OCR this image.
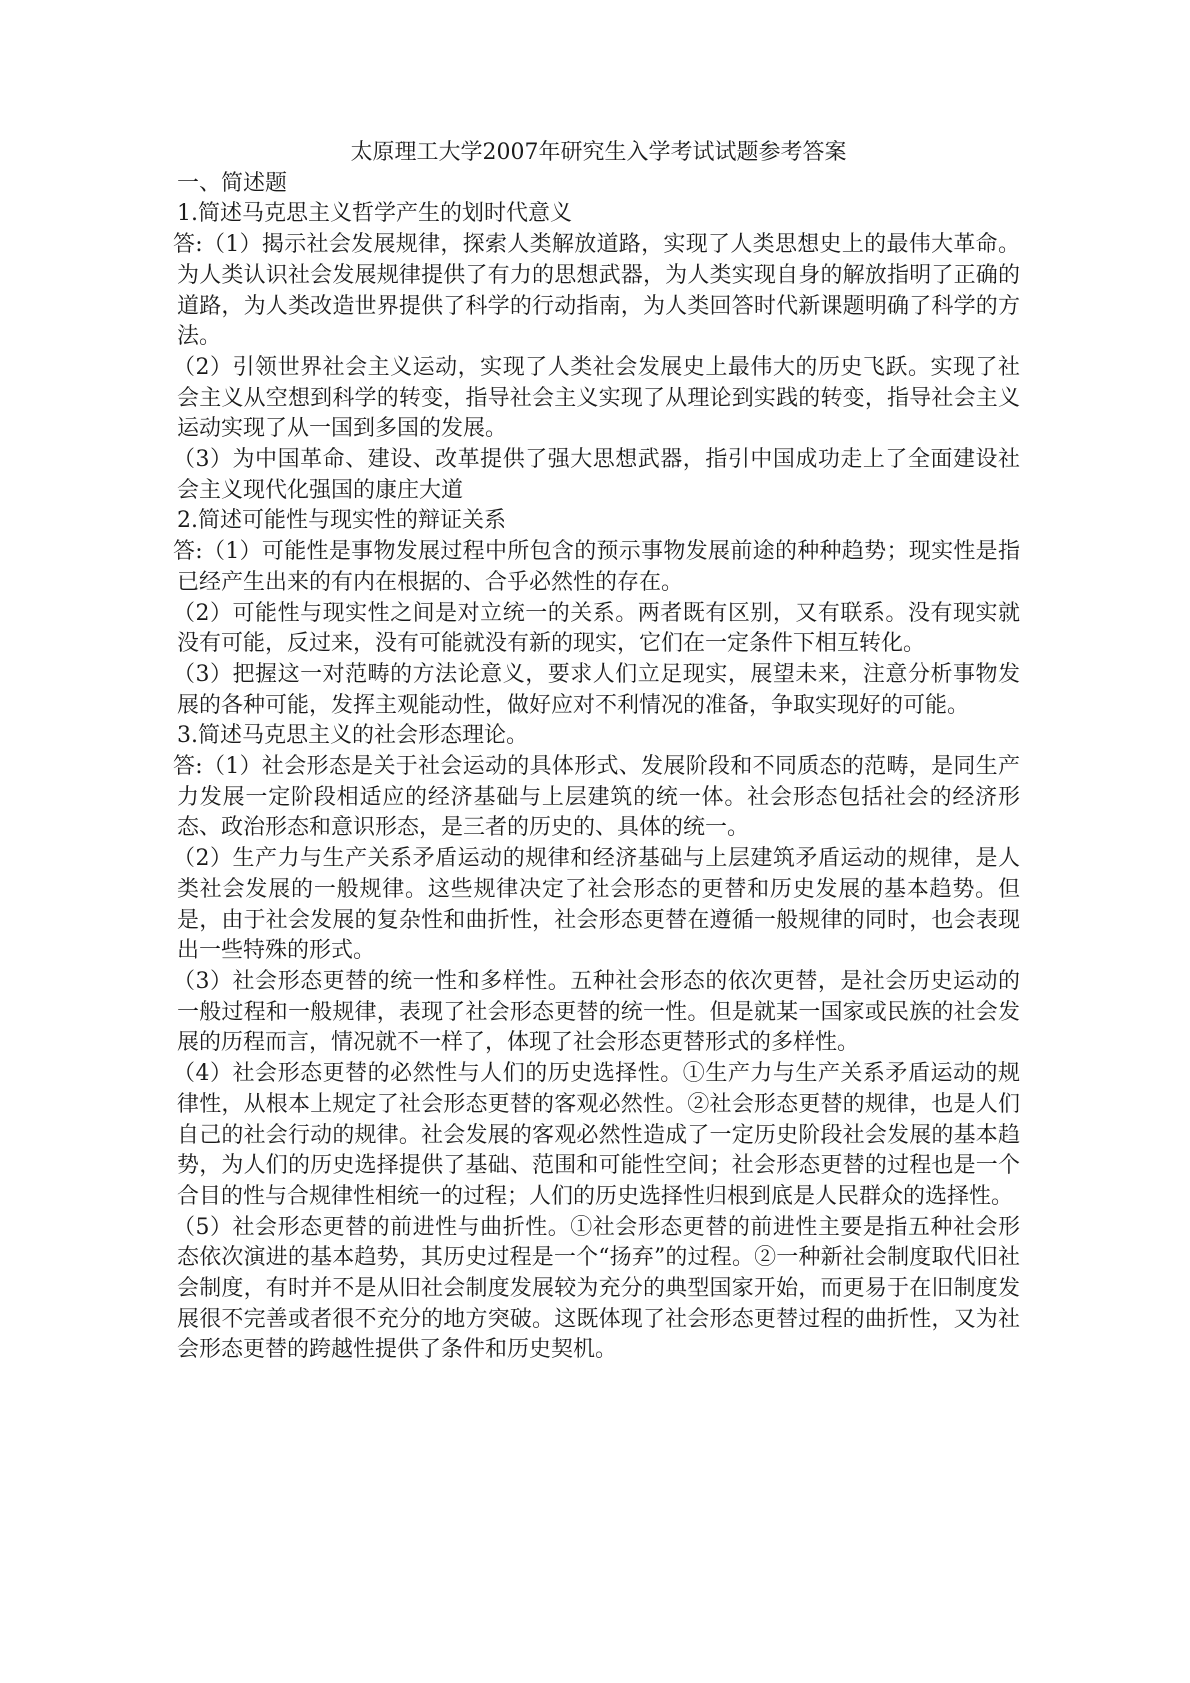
太原理工大学2007年研究生入学考试试题参考答案

一、简述题

1.简述马克思主义哲学产生的划时代意义

答:（1）揭示社会发展规律，探索人类解放道路，实现了人类思想史上的最伟大革命。为人类认识社会发展规律提供了有力的思想武器，为人类实现自身的解放指明了正确的道路，为人类改造世界提供了科学的行动指南，为人类回答时代新课题明确了科学的方法。

（2）引领世界社会主义运动，实现了人类社会发展史上最伟大的历史飞跃。实现了社会主义从空想到科学的转变，指导社会主义实现了从理论到实践的转变，指导社会主义运动实现了从一国到多国的发展。

（3）为中国革命、建设、改革提供了强大思想武器，指引中国成功走上了全面建设社会主义现代化强国的康庄大道

2.简述可能性与现实性的辩证关系

答:（1）可能性是事物发展过程中所包含的预示事物发展前途的种种趋势；现实性是指已经产生出来的有内在根据的、合乎必然性的存在。

（2）可能性与现实性之间是对立统一的关系。两者既有区别，又有联系。没有现实就没有可能，反过来，没有可能就没有新的现实，它们在一定条件下相互转化。

（3）把握这一对范畴的方法论意义，要求人们立足现实，展望未来，注意分析事物发展的各种可能，发挥主观能动性，做好应对不利情况的准备，争取实现好的可能。

3.简述马克思主义的社会形态理论。

答:（1）社会形态是关于社会运动的具体形式、发展阶段和不同质态的范畴，是同生产力发展一定阶段相适应的经济基础与上层建筑的统一体。社会形态包括社会的经济形态、政治形态和意识形态，是三者的历史的、具体的统一。

（2）生产力与生产关系矛盾运动的规律和经济基础与上层建筑矛盾运动的规律，是人类社会发展的一般规律。这些规律决定了社会形态的更替和历史发展的基本趋势。但是，由于社会发展的复杂性和曲折性，社会形态更替在遵循一般规律的同时，也会表现出一些特殊的形式。

（3）社会形态更替的统一性和多样性。五种社会形态的依次更替，是社会历史运动的一般过程和一般规律，表现了社会形态更替的统一性。但是就某一国家或民族的社会发展的历程而言，情况就不一样了，体现了社会形态更替形式的多样性。

（4）社会形态更替的必然性与人们的历史选择性。①生产力与生产关系矛盾运动的规律性，从根本上规定了社会形态更替的客观必然性。②社会形态更替的规律，也是人们自己的社会行动的规律。社会发展的客观必然性造成了一定历史阶段社会发展的基本趋势，为人们的历史选择提供了基础、范围和可能性空间；社会形态更替的过程也是一个合目的性与合规律性相统一的过程；人们的历史选择性归根到底是人民群众的选择性。

（5）社会形态更替的前进性与曲折性。①社会形态更替的前进性主要是指五种社会形态依次演进的基本趋势，其历史过程是一个“扬弃”的过程。②一种新社会制度取代旧社会制度，有时并不是从旧社会制度发展较为充分的典型国家开始，而更易于在旧制度发展很不完善或者很不充分的地方突破。这既体现了社会形态更替过程的曲折性，又为社会形态更替的跨越性提供了条件和历史契机。
